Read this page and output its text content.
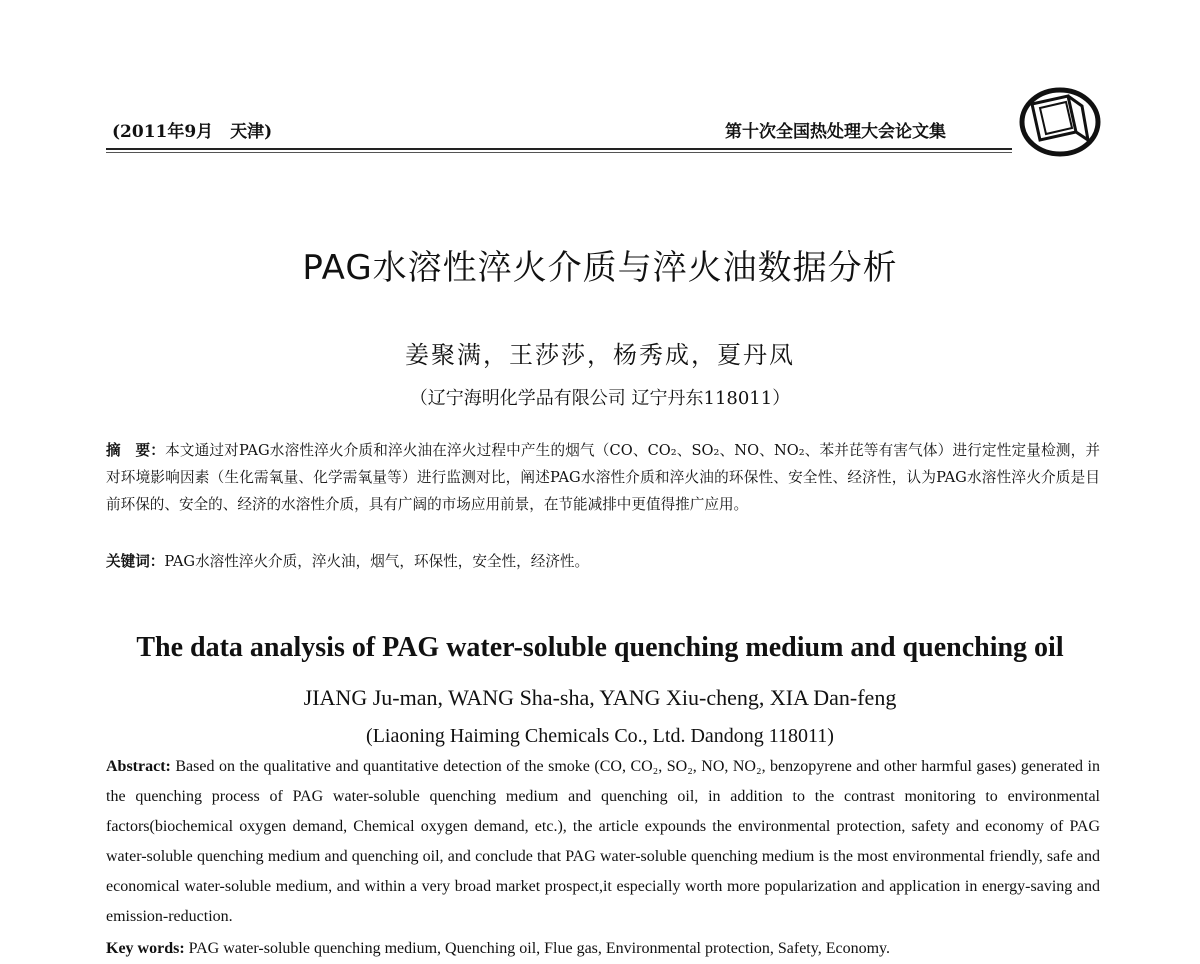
(2011年9月　天津)	第十次全国热处理大会论文集
PAG水溶性淬火介质与淬火油数据分析
姜聚满，王莎莎，杨秀成，夏丹凤
（辽宁海明化学品有限公司 辽宁丹东118011）
摘　要：本文通过对PAG水溶性淬火介质和淬火油在淬火过程中产生的烟气（CO、CO₂、SO₂、NO、NO₂、苯并芘等有害气体）进行定性定量检测，并对环境影响因素（生化需氧量、化学需氧量等）进行监测对比，阐述PAG水溶性介质和淬火油的环保性、安全性、经济性，认为PAG水溶性淬火介质是目前环保的、安全的、经济的水溶性介质，具有广阔的市场应用前景，在节能减排中更值得推广应用。
关键词：PAG水溶性淬火介质，淬火油，烟气，环保性，安全性，经济性。
The data analysis of PAG water-soluble quenching medium and quenching oil
JIANG Ju-man, WANG Sha-sha, YANG Xiu-cheng, XIA Dan-feng
(Liaoning Haiming Chemicals Co., Ltd. Dandong 118011)
Abstract: Based on the qualitative and quantitative detection of the smoke (CO, CO₂, SO₂, NO, NO₂, benzopyrene and other harmful gases) generated in the quenching process of PAG water-soluble quenching medium and quenching oil, in addition to the contrast monitoring to environmental factors(biochemical oxygen demand, Chemical oxygen demand, etc.), the article expounds the environmental protection, safety and economy of PAG water-soluble quenching medium and quenching oil, and conclude that PAG water-soluble quenching medium is the most environmental friendly, safe and economical water-soluble medium, and within a very broad market prospect,it especially worth more popularization and application in energy-saving and emission-reduction.
Key words: PAG water-soluble quenching medium, Quenching oil, Flue gas, Environmental protection, Safety, Economy.
